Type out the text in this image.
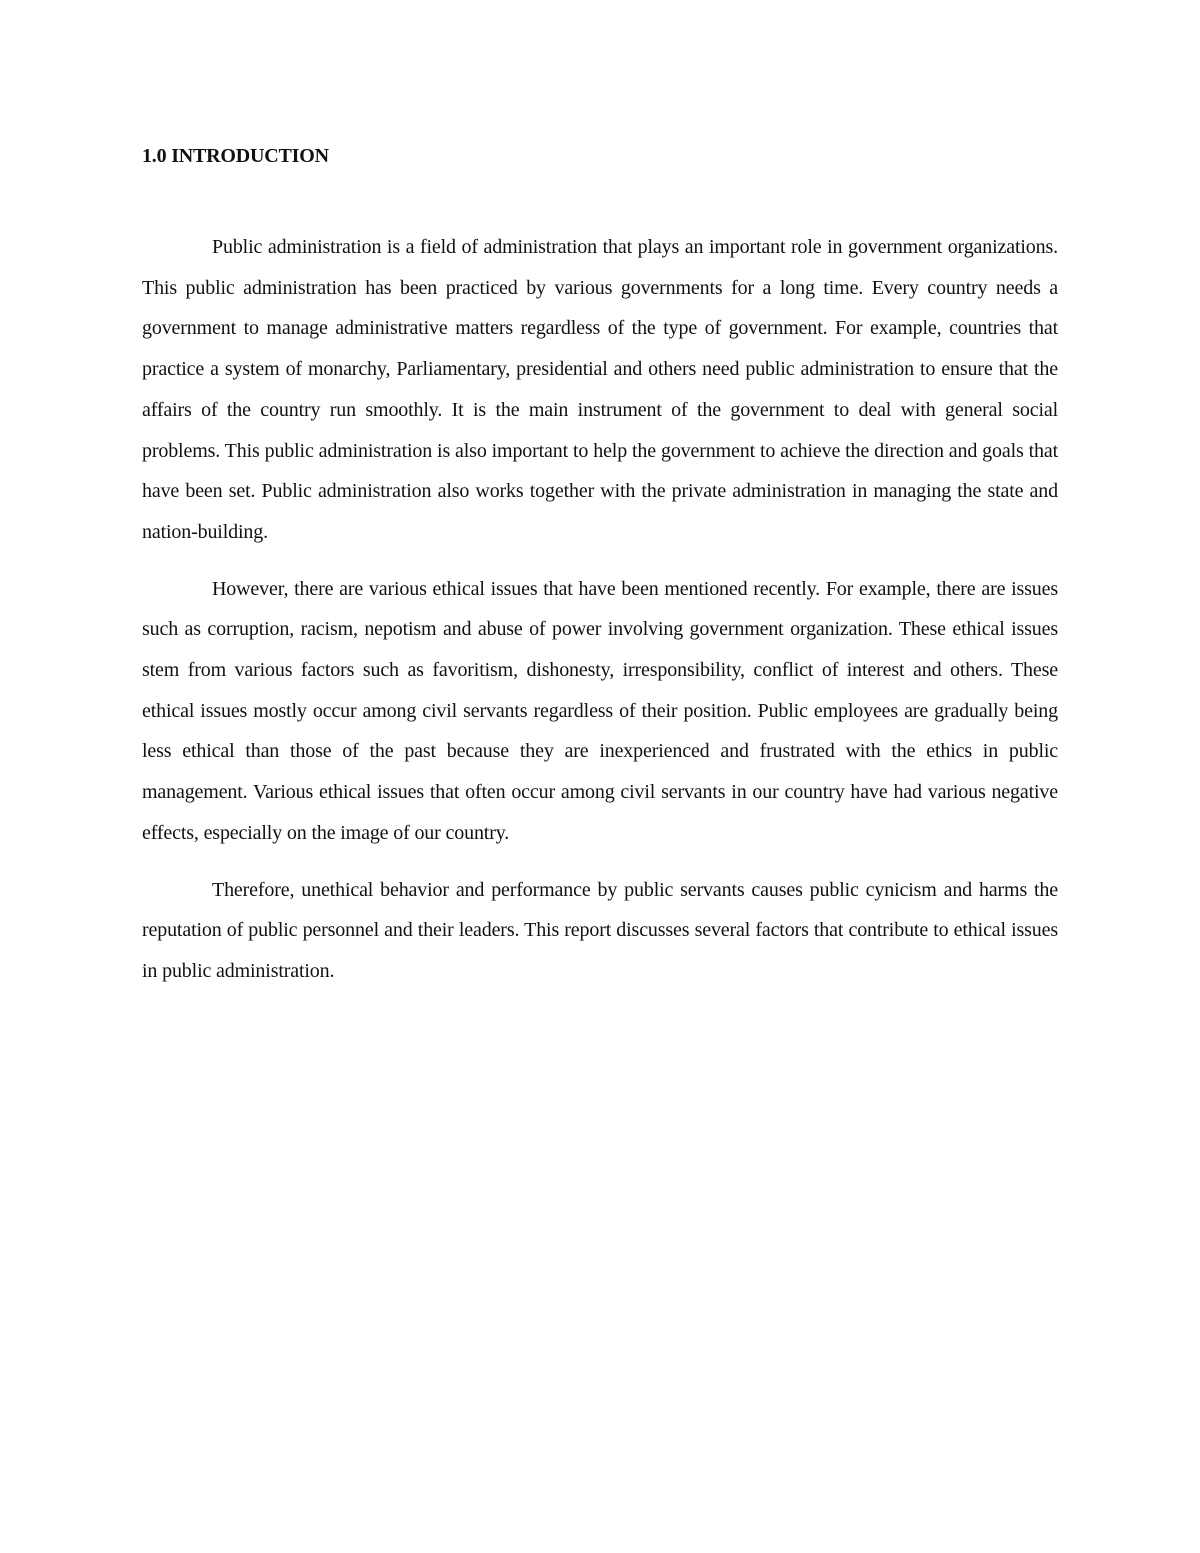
1.0 INTRODUCTION

Public administration is a field of administration that plays an important role in government organizations. This public administration has been practiced by various governments for a long time. Every country needs a government to manage administrative matters regardless of the type of government. For example, countries that practice a system of monarchy, Parliamentary, presidential and others need public administration to ensure that the affairs of the country run smoothly. It is the main instrument of the government to deal with general social problems. This public administration is also important to help the government to achieve the direction and goals that have been set. Public administration also works together with the private administration in managing the state and nation-building.

However, there are various ethical issues that have been mentioned recently. For example, there are issues such as corruption, racism, nepotism and abuse of power involving government organization. These ethical issues stem from various factors such as favoritism, dishonesty, irresponsibility, conflict of interest and others. These ethical issues mostly occur among civil servants regardless of their position. Public employees are gradually being less ethical than those of the past because they are inexperienced and frustrated with the ethics in public management. Various ethical issues that often occur among civil servants in our country have had various negative effects, especially on the image of our country.

Therefore, unethical behavior and performance by public servants causes public cynicism and harms the reputation of public personnel and their leaders. This report discusses several factors that contribute to ethical issues in public administration.
